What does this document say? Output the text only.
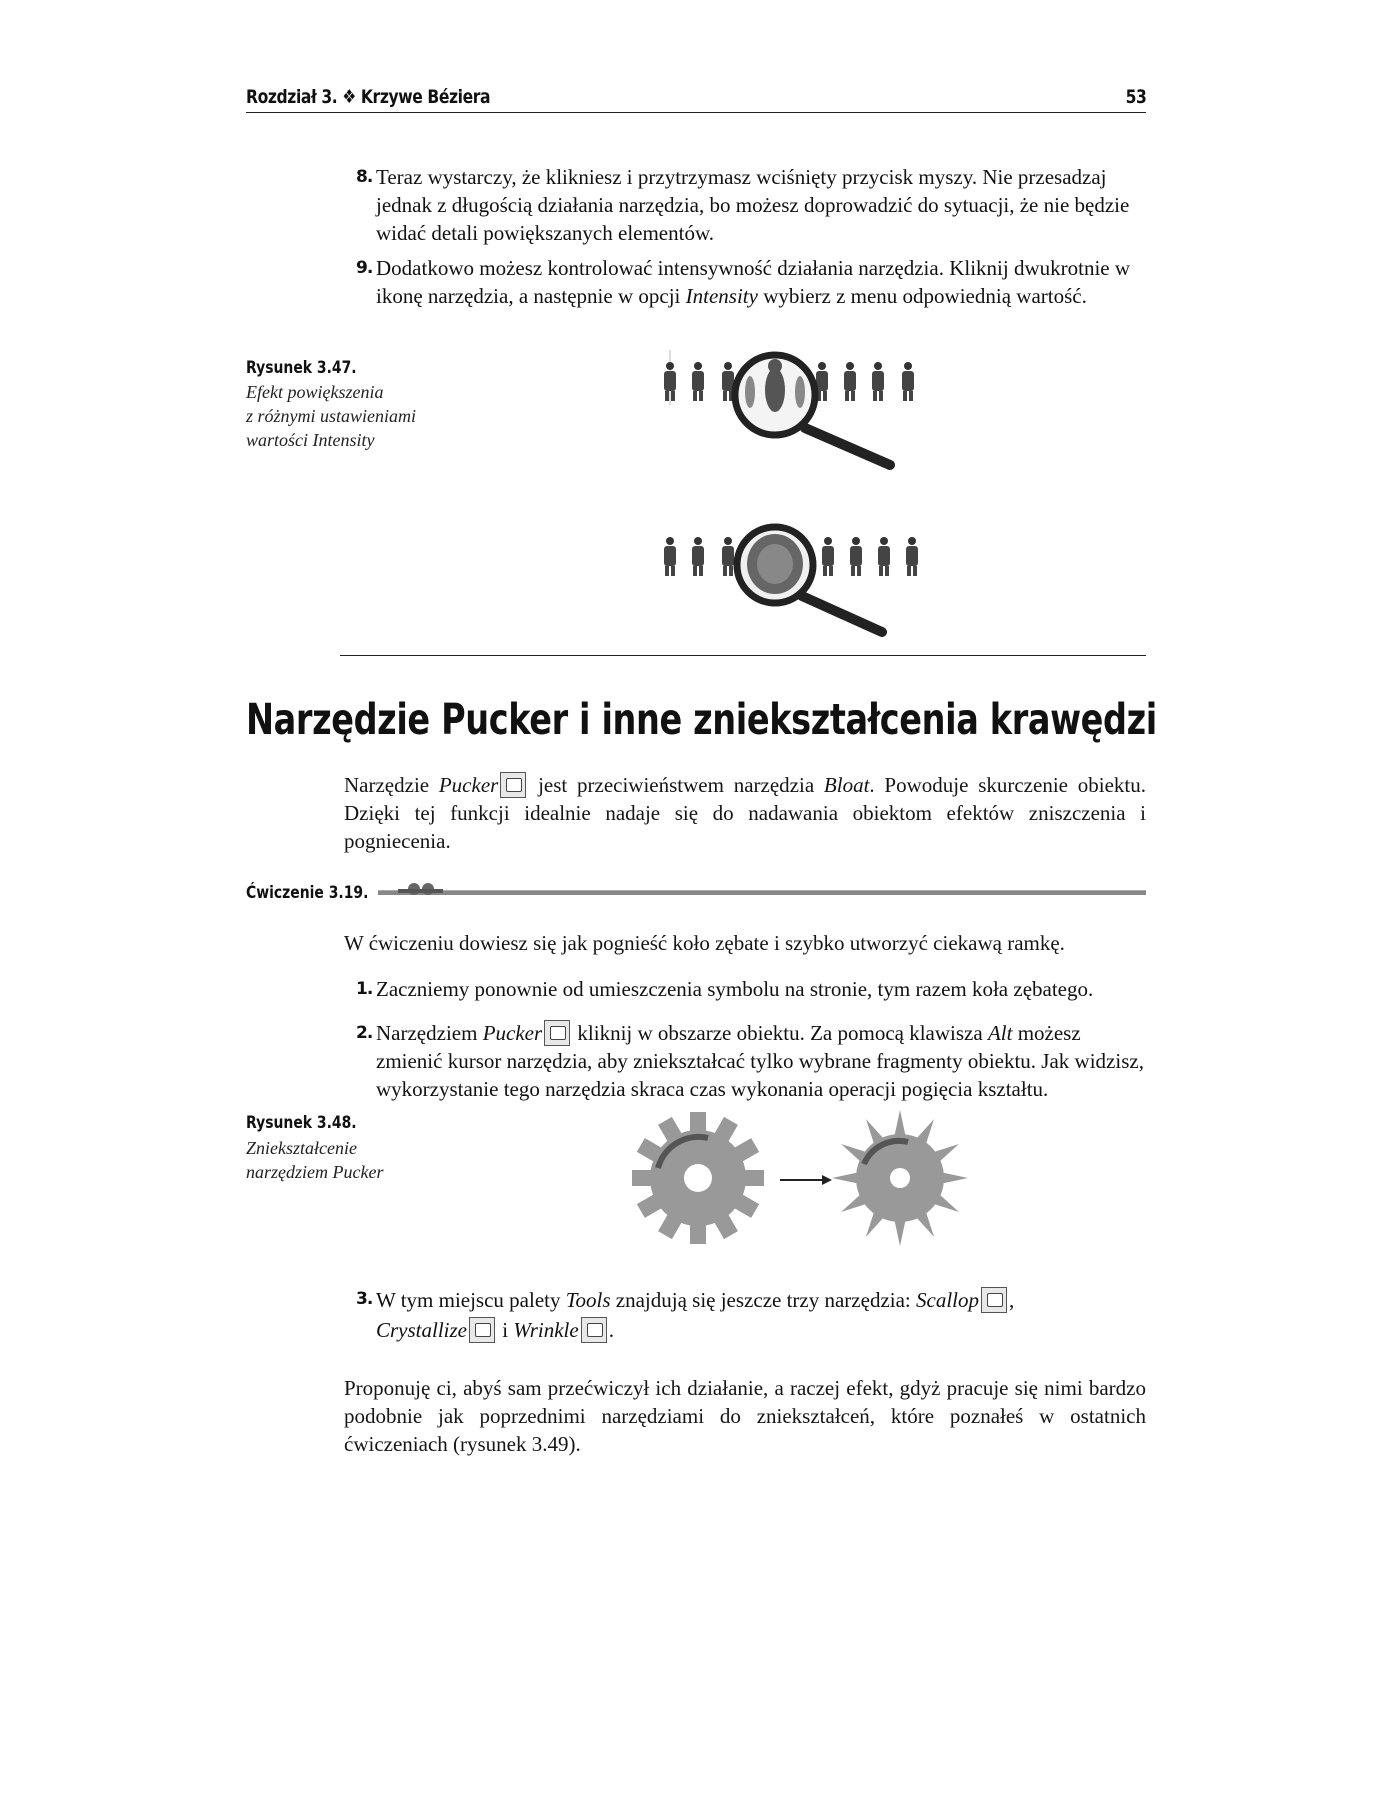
Rozdział 3. ❖ Krzywe Béziera	53
8. Teraz wystarczy, że klikniesz i przytrzymasz wciśnięty przycisk myszy. Nie przesadzaj jednak z długością działania narzędzia, bo możesz doprowadzić do sytuacji, że nie będzie widać detali powiększanych elementów.
9. Dodatkowo możesz kontrolować intensywność działania narzędzia. Kliknij dwukrotnie w ikonę narzędzia, a następnie w opcji Intensity wybierz z menu odpowiednią wartość.
Rysunek 3.47.
Efekt powiększenia
z różnymi ustawieniami
wartości Intensity
Narzędzie Pucker i inne zniekształcenia krawędzi
Narzędzie Pucker jest przeciwieństwem narzędzia Bloat. Powoduje skurczenie obiektu. Dzięki tej funkcji idealnie nadaje się do nadawania obiektom efektów zniszczenia i pogniecenia.
Ćwiczenie 3.19.
W ćwiczeniu dowiesz się jak pognieść koło zębate i szybko utworzyć ciekawą ramkę.
1. Zaczniemy ponownie od umieszczenia symbolu na stronie, tym razem koła zębatego.
2. Narzędziem Pucker kliknij w obszarze obiektu. Za pomocą klawisza Alt możesz zmienić kursor narzędzia, aby zniekształcać tylko wybrane fragmenty obiektu. Jak widzisz, wykorzystanie tego narzędzia skraca czas wykonania operacji pogięcia kształtu.
Rysunek 3.48.
Zniekształcenie
narzędziem Pucker
3. W tym miejscu palety Tools znajdują się jeszcze trzy narzędzia: Scallop ,
Crystallize i Wrinkle .
Proponuję ci, abyś sam przećwiczył ich działanie, a raczej efekt, gdyż pracuje się nimi bardzo podobnie jak poprzednimi narzędziami do zniekształceń, które poznałeś w ostatnich ćwiczeniach (rysunek 3.49).
